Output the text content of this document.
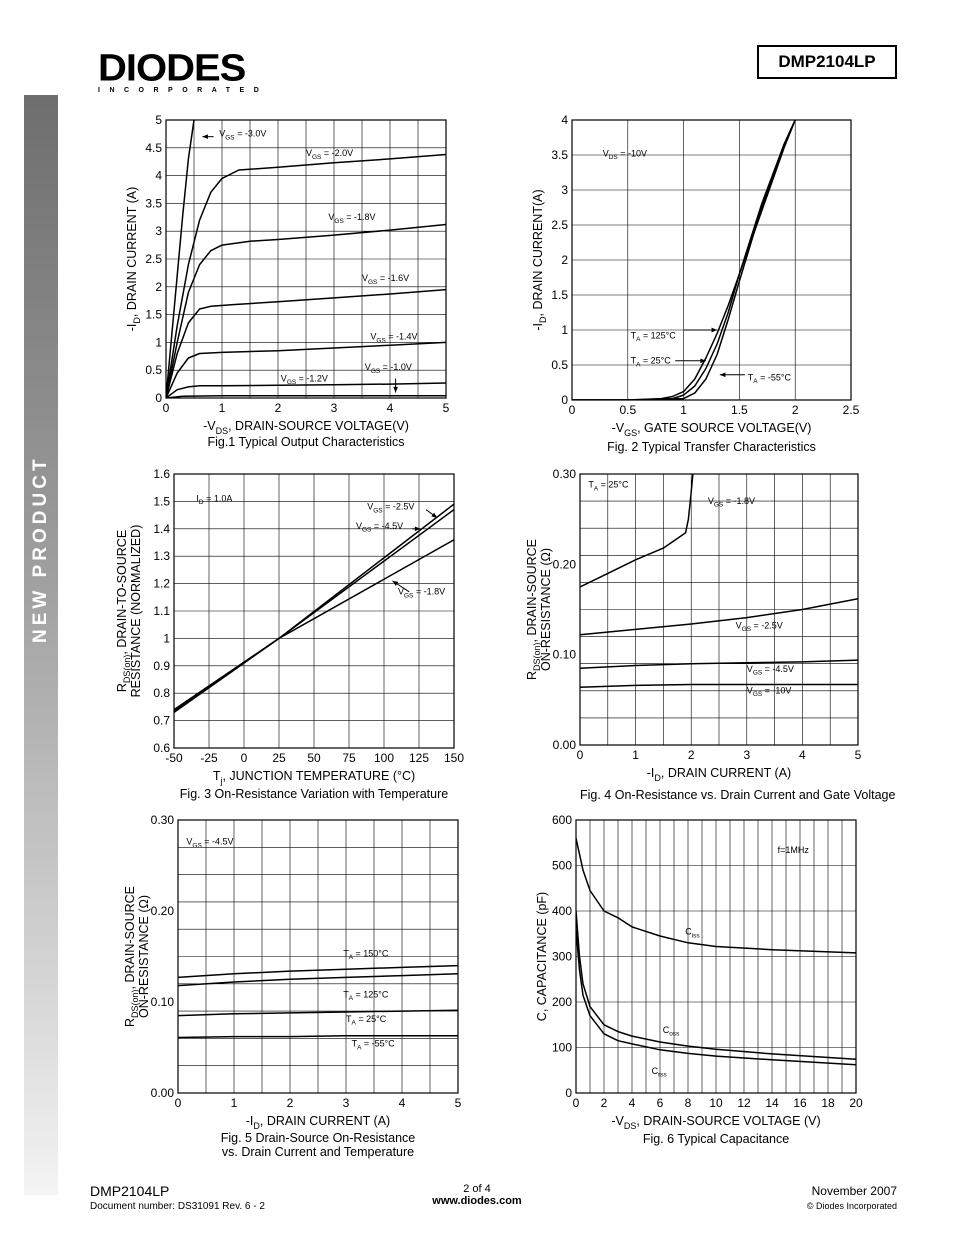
NEW PRODUCT
DIODES
INCORPORATED
DMP2104LP
0	1	2	3	4	5
0
0.5
1
1.5
2
2.5
3
3.5
4
4.5
5
$-V_{DS}$, DRAIN-SOURCE VOLTAGE(V)
$-I_D$, DRAIN CURRENT (A)
$V_{GS} = -3.0V$
$V_{GS} = -2.0V$
$V_{GS} = -1.8V$
$V_{GS} = -1.6V$
$V_{GS} = -1.4V$
$V_{GS} = -1.2V$
$V_{GS} = -1.0V$
Fig.1 Typical Output Characteristics
0	0.5	1	1.5	2	2.5
0
0.5
1
1.5
2
2.5
3
3.5
4
$-V_{GS}$, GATE SOURCE VOLTAGE(V)
$-I_D$, DRAIN CURRENT(A)
$V_{DS} = -10V$
$T_A = 125^\circ C$
$T_A = 25^\circ C$
$T_A = -55^\circ C$
Fig. 2 Typical Transfer Characteristics
-50 -25 0 25 50 75 100 125 150
0.6
0.7
0.8
0.9
1
1.1
1.2
1.3
1.4
1.5
1.6
$T_j$, JUNCTION TEMPERATURE (°C)
$R_{DS(on)}$, DRAIN-TO-SOURCE RESISTANCE (NORMALIZED)
$I_D = 1.0A$
$V_{GS} = -2.5V$
$V_{GS} = -4.5V$
$V_{GS} = -1.8V$
Fig. 3 On-Resistance Variation with Temperature
0	1	2	3	4	5
0.00
0.10
0.20
0.30
$-I_D$, DRAIN CURRENT (A)
$R_{DS(on)}$, DRAIN-SOURCE ON-RESISTANCE (Ω)
$T_A = 25^\circ C$
$V_{GS} = -1.8V$
$V_{GS} = -2.5V$
$V_{GS} = -4.5V$
$V_{GS} = -10V$
Fig. 4 On-Resistance vs. Drain Current and Gate Voltage
0	1	2	3	4	5
0.00
0.10
0.20
0.30
$-I_D$, DRAIN CURRENT (A)
$R_{DS(on)}$, DRAIN-SOURCE ON-RESISTANCE (Ω)
$V_{GS} = -4.5V$
$T_A = 150^\circ C$
$T_A = 125^\circ C$
$T_A = 25^\circ C$
$T_A = -55^\circ C$
Fig. 5 Drain-Source On-Resistance
vs. Drain Current and Temperature
0 2 4 6 8 10 12 14 16 18 20
0
100
200
300
400
500
600
$-V_{DS}$, DRAIN-SOURCE VOLTAGE (V)
C, CAPACITANCE (pF)
f=1MHz
$C_{iss}$
$C_{oss}$
$C_{rss}$
Fig. 6 Typical Capacitance
DMP2104LP
Document number: DS31091 Rev. 6 - 2
2 of 4
www.diodes.com
November 2007
© Diodes Incorporated
